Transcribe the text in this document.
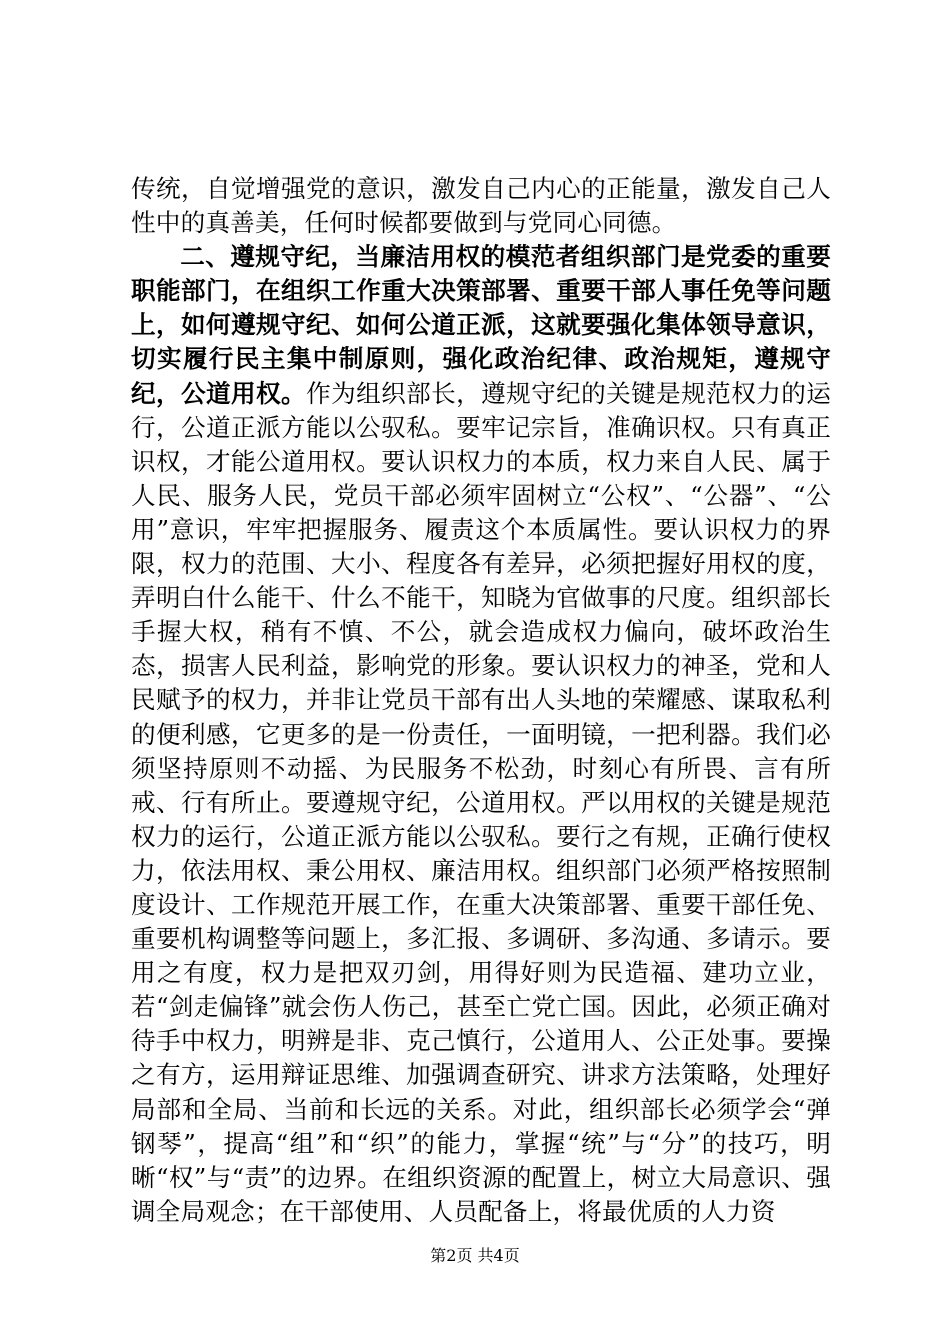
传统，自觉增强党的意识，激发自己内心的正能量，激发自己人性中的真善美，任何时候都要做到与党同心同德。

二、遵规守纪，当廉洁用权的模范者组织部门是党委的重要职能部门，在组织工作重大决策部署、重要干部人事任免等问题上，如何遵规守纪、如何公道正派，这就要强化集体领导意识，切实履行民主集中制原则，强化政治纪律、政治规矩，遵规守纪，公道用权。作为组织部长，遵规守纪的关键是规范权力的运行，公道正派方能以公驭私。要牢记宗旨，准确识权。只有真正识权，才能公道用权。要认识权力的本质，权力来自人民、属于人民、服务人民，党员干部必须牢固树立“公权”、“公器”、“公用”意识，牢牢把握服务、履责这个本质属性。要认识权力的界限，权力的范围、大小、程度各有差异，必须把握好用权的度，弄明白什么能干、什么不能干，知晓为官做事的尺度。组织部长手握大权，稍有不慎、不公，就会造成权力偏向，破坏政治生态，损害人民利益，影响党的形象。要认识权力的神圣，党和人民赋予的权力，并非让党员干部有出人头地的荣耀感、谋取私利的便利感，它更多的是一份责任，一面明镜，一把利器。我们必须坚持原则不动摇、为民服务不松劲，时刻心有所畏、言有所戒、行有所止。要遵规守纪，公道用权。严以用权的关键是规范权力的运行，公道正派方能以公驭私。要行之有规，正确行使权力，依法用权、秉公用权、廉洁用权。组织部门必须严格按照制度设计、工作规范开展工作，在重大决策部署、重要干部任免、重要机构调整等问题上，多汇报、多调研、多沟通、多请示。要用之有度，权力是把双刃剑，用得好则为民造福、建功立业，若“剑走偏锋”就会伤人伤己，甚至亡党亡国。因此，必须正确对待手中权力，明辨是非、克己慎行，公道用人、公正处事。要操之有方，运用辩证思维、加强调查研究、讲求方法策略，处理好局部和全局、当前和长远的关系。对此，组织部长必须学会“弹钢琴”，提高“组”和“织”的能力，掌握“统”与“分”的技巧，明晰“权”与“责”的边界。在组织资源的配置上，树立大局意识、强调全局观念；在干部使用、人员配备上，将最优质的人力资

第2页 共4页
